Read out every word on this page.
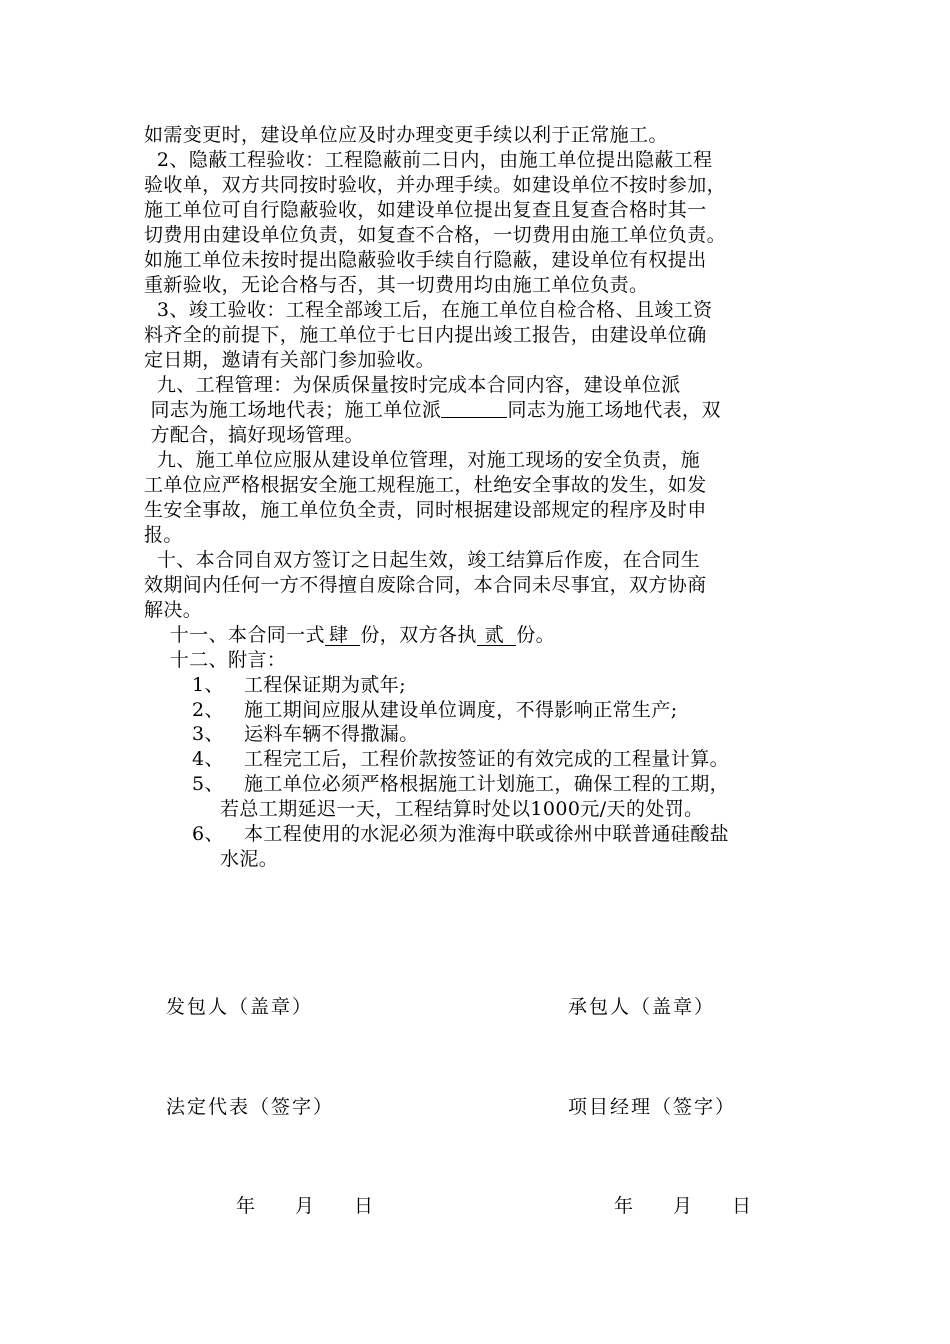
如需变更时，建设单位应及时办理变更手续以利于正常施工。
2、隐蔽工程验收：工程隐蔽前二日内，由施工单位提出隐蔽工程
验收单，双方共同按时验收，并办理手续。如建设单位不按时参加，
施工单位可自行隐蔽验收，如建设单位提出复查且复查合格时其一
切费用由建设单位负责，如复查不合格，一切费用由施工单位负责。
如施工单位未按时提出隐蔽验收手续自行隐蔽，建设单位有权提出
重新验收，无论合格与否，其一切费用均由施工单位负责。
3、竣工验收：工程全部竣工后，在施工单位自检合格、且竣工资
料齐全的前提下，施工单位于七日内提出竣工报告，由建设单位确
定日期，邀请有关部门参加验收。
九、工程管理：为保质保量按时完成本合同内容，建设单位派
同志为施工场地代表；施工单位派	同志为施工场地代表，双
方配合，搞好现场管理。
九、施工单位应服从建设单位管理，对施工现场的安全负责，施
工单位应严格根据安全施工规程施工，杜绝安全事故的发生，如发
生安全事故，施工单位负全责，同时根据建设部规定的程序及时申
报。
十、本合同自双方签订之日起生效，竣工结算后作废，在合同生
效期间内任何一方不得擅自废除合同，本合同未尽事宜，双方协商
解决。
十一、本合同一式 肆 份，双方各执 贰 份。
十二、附言：
1、 工程保证期为贰年;
2、 施工期间应服从建设单位调度，不得影响正常生产;
3、 运料车辆不得撒漏。
4、 工程完工后，工程价款按签证的有效完成的工程量计算。
5、 施工单位必须严格根据施工计划施工，确保工程的工期，
若总工期延迟一天，工程结算时处以1000元/天的处罚。
6、 本工程使用的水泥必须为淮海中联或徐州中联普通硅酸盐
水泥。
发包人（盖章）	承包人（盖章）
法定代表（签字）	项目经理（签字）
年 月 日	年 月 日
